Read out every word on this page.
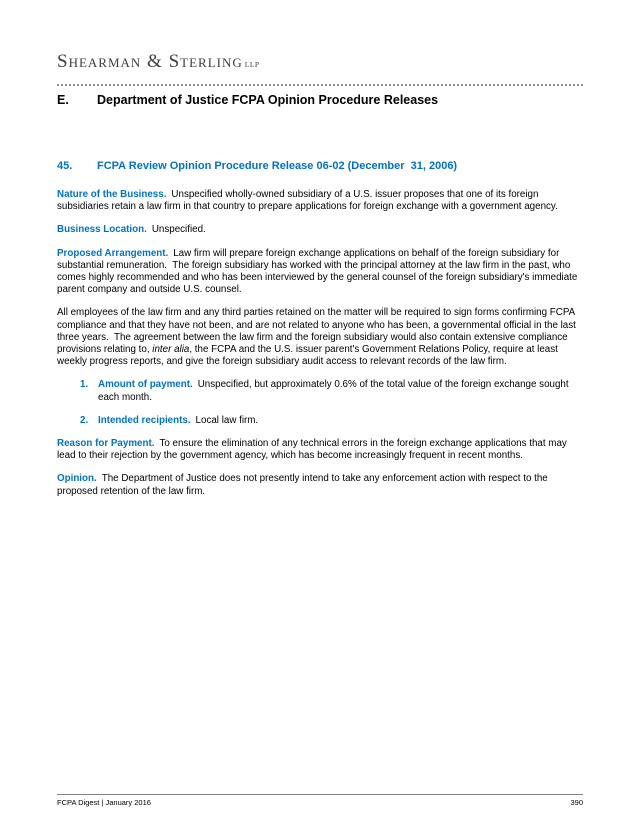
Shearman & Sterling LLP
E.	Department of Justice FCPA Opinion Procedure Releases
45.	FCPA Review Opinion Procedure Release 06-02 (December  31, 2006)

Nature of the Business. Unspecified wholly-owned subsidiary of a U.S. issuer proposes that one of its foreign subsidiaries retain a law firm in that country to prepare applications for foreign exchange with a government agency.

Business Location. Unspecified.

Proposed Arrangement. Law firm will prepare foreign exchange applications on behalf of the foreign subsidiary for substantial remuneration.  The foreign subsidiary has worked with the principal attorney at the law firm in the past, who comes highly recommended and who has been interviewed by the general counsel of the foreign subsidiary's immediate parent company and outside U.S. counsel.

All employees of the law firm and any third parties retained on the matter will be required to sign forms confirming FCPA compliance and that they have not been, and are not related to anyone who has been, a governmental official in the last three years.  The agreement between the law firm and the foreign subsidiary would also contain extensive compliance provisions relating to, inter alia, the FCPA and the U.S. issuer parent's Government Relations Policy, require at least weekly progress reports, and give the foreign subsidiary audit access to relevant records of the law firm.

1. Amount of payment. Unspecified, but approximately 0.6% of the total value of the foreign exchange sought each month.
2. Intended recipients. Local law firm.

Reason for Payment. To ensure the elimination of any technical errors in the foreign exchange applications that may lead to their rejection by the government agency, which has become increasingly frequent in recent months.

Opinion. The Department of Justice does not presently intend to take any enforcement action with respect to the proposed retention of the law firm.

FCPA Digest | January 2016	390
